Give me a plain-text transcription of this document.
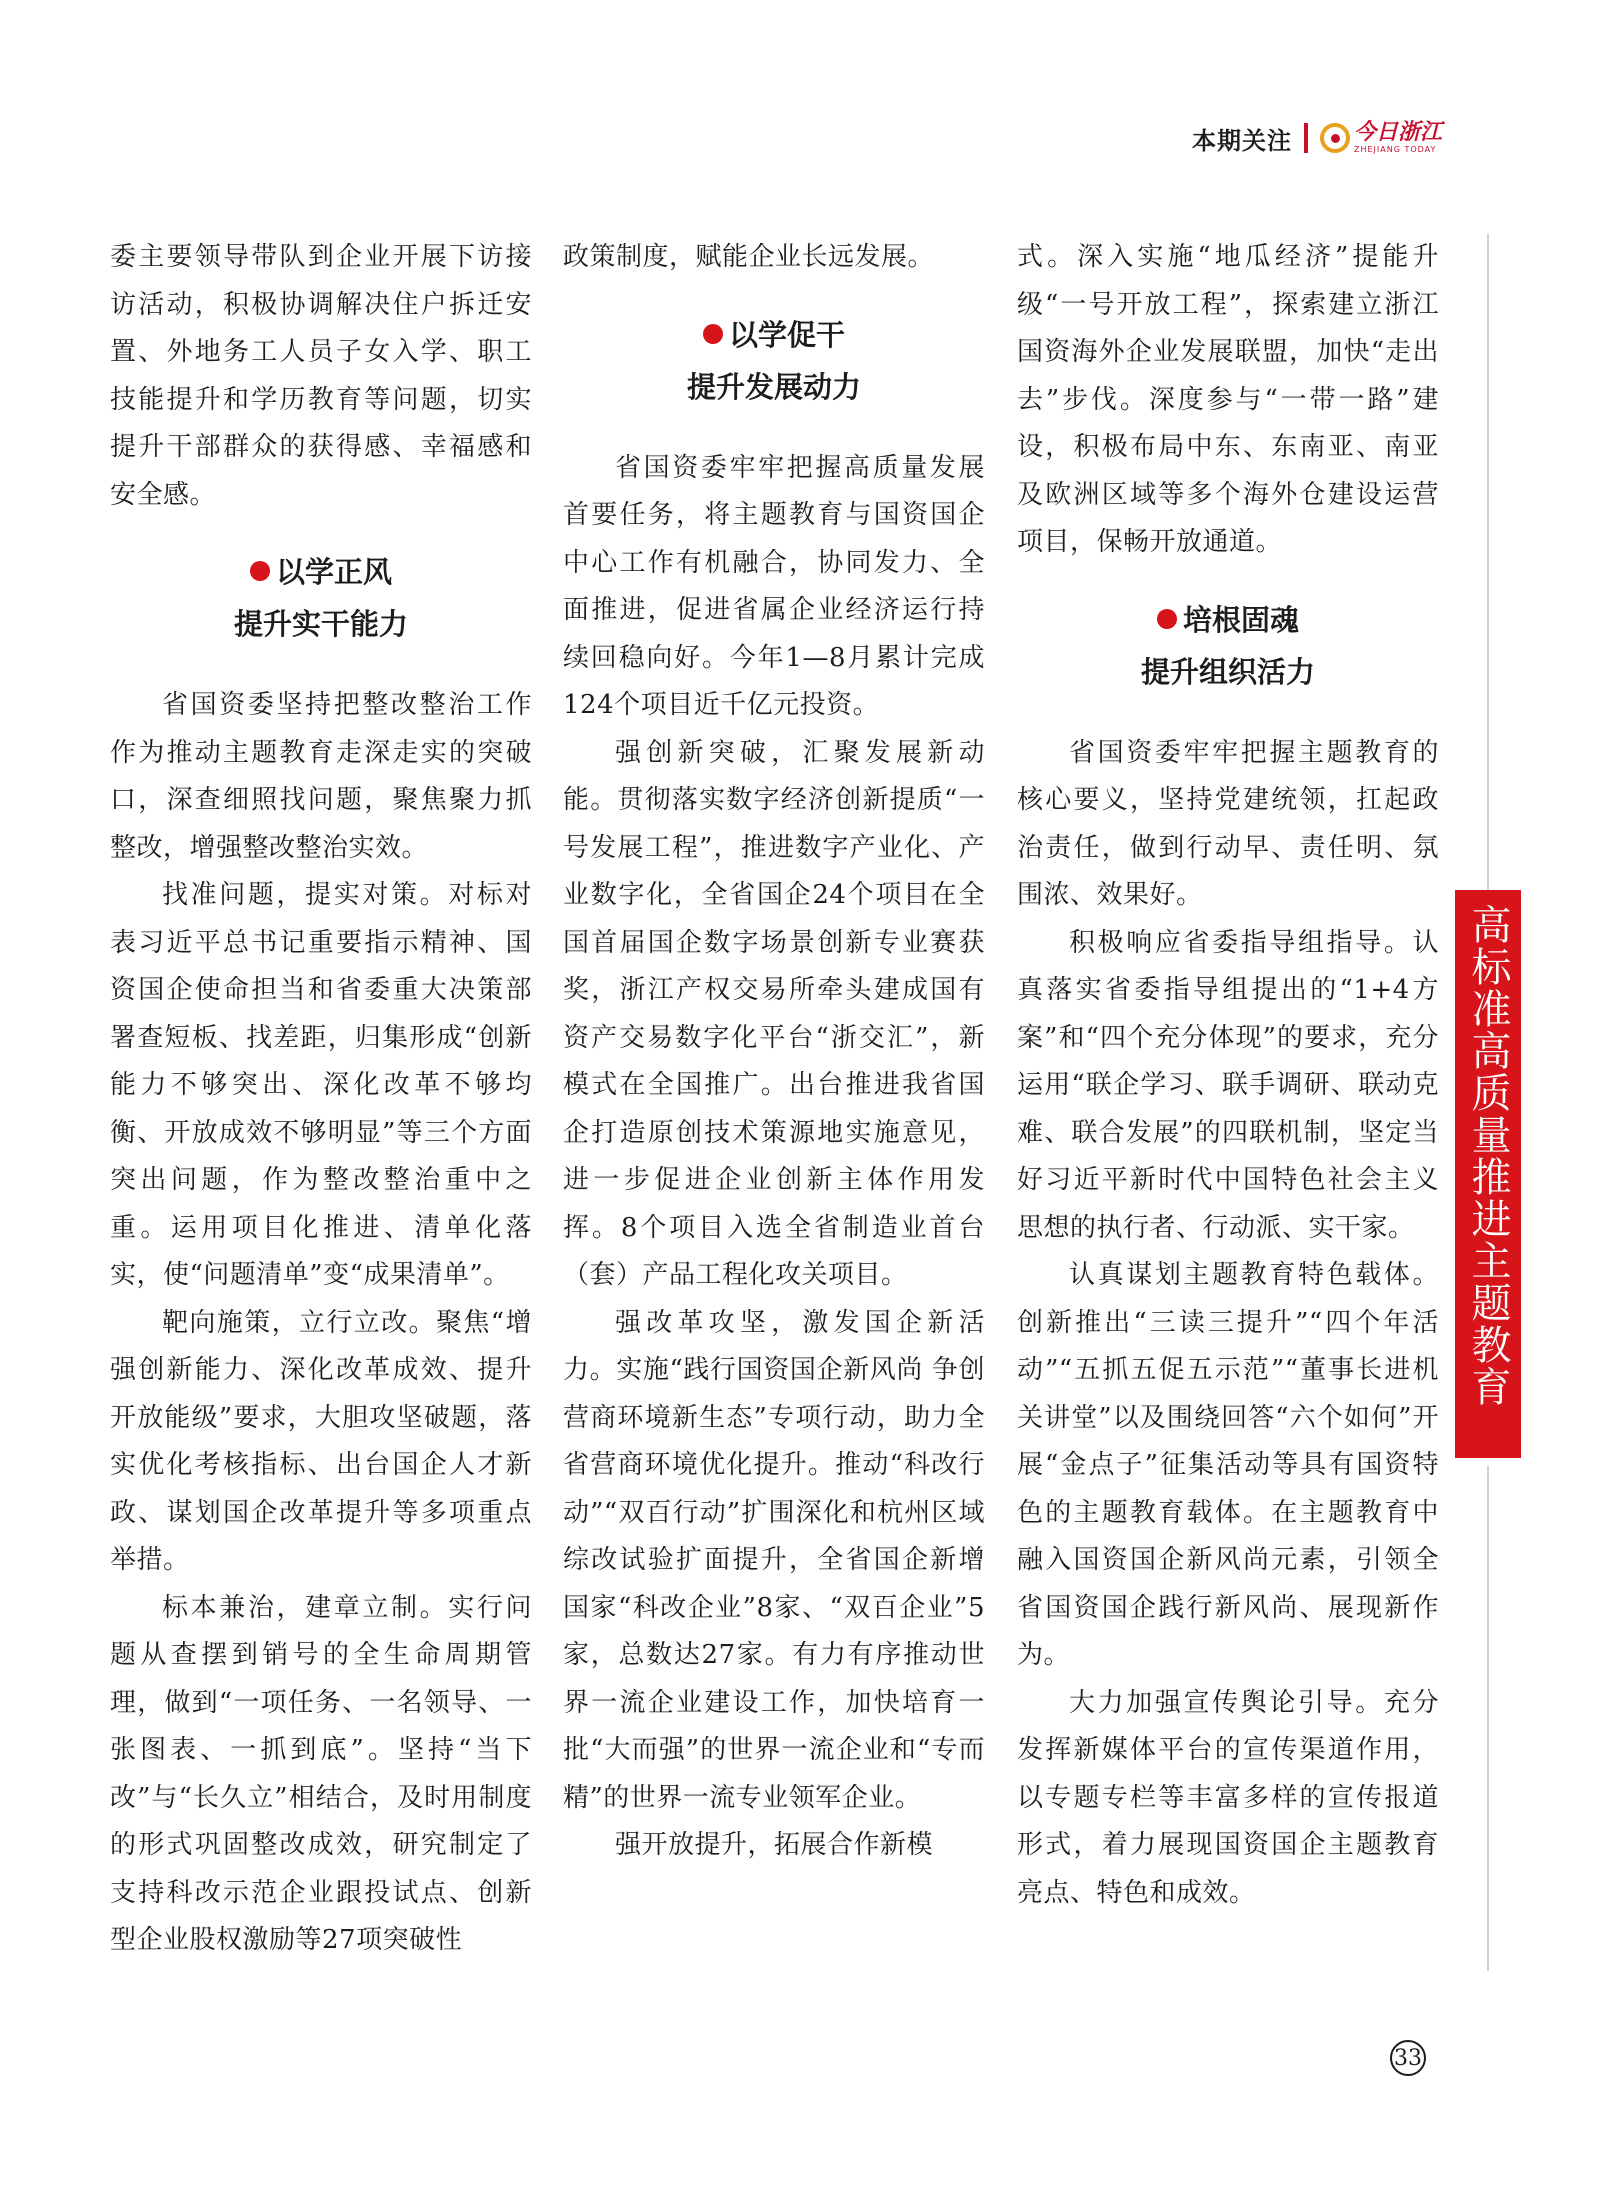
本期关注	今日浙江
ZHEJIANG TODAY

委主要领导带队到企业开展下访接访活动，积极协调解决住户拆迁安置、外地务工人员子女入学、职工技能提升和学历教育等问题，切实提升干部群众的获得感、幸福感和安全感。

以学正风

提升实干能力

省国资委坚持把整改整治工作作为推动主题教育走深走实的突破口，深查细照找问题，聚焦聚力抓整改，增强整改整治实效。

找准问题，提实对策。对标对表习近平总书记重要指示精神、国资国企使命担当和省委重大决策部署查短板、找差距，归集形成“创新能力不够突出、深化改革不够均衡、开放成效不够明显”等三个方面突出问题，作为整改整治重中之重。运用项目化推进、清单化落实，使“问题清单”变“成果清单”。

靶向施策，立行立改。聚焦“增强创新能力、深化改革成效、提升开放能级”要求，大胆攻坚破题，落实优化考核指标、出台国企人才新政、谋划国企改革提升等多项重点举措。

标本兼治，建章立制。实行问题从查摆到销号的全生命周期管理，做到“一项任务、一名领导、一张图表、一抓到底”。坚持“当下改”与“长久立”相结合，及时用制度的形式巩固整改成效，研究制定了支持科改示范企业跟投试点、创新型企业股权激励等27项突破性

政策制度，赋能企业长远发展。

以学促干

提升发展动力

省国资委牢牢把握高质量发展首要任务，将主题教育与国资国企中心工作有机融合，协同发力、全面推进，促进省属企业经济运行持续回稳向好。今年1—8月累计完成124个项目近千亿元投资。

强创新突破，汇聚发展新动能。贯彻落实数字经济创新提质“一号发展工程”，推进数字产业化、产业数字化，全省国企24个项目在全国首届国企数字场景创新专业赛获奖，浙江产权交易所牵头建成国有资产交易数字化平台“浙交汇”，新模式在全国推广。出台推进我省国企打造原创技术策源地实施意见，进一步促进企业创新主体作用发挥。8个项目入选全省制造业首台（套）产品工程化攻关项目。

强改革攻坚，激发国企新活力。实施“践行国资国企新风尚 争创营商环境新生态”专项行动，助力全省营商环境优化提升。推动“科改行动”“双百行动”扩围深化和杭州区域综改试验扩面提升，全省国企新增国家“科改企业”8家、“双百企业”5家，总数达27家。有力有序推动世界一流企业建设工作，加快培育一批“大而强”的世界一流企业和“专而精”的世界一流专业领军企业。

强开放提升，拓展合作新模

式。深入实施“地瓜经济”提能升级“一号开放工程”，探索建立浙江国资海外企业发展联盟，加快“走出去”步伐。深度参与“一带一路”建设，积极布局中东、东南亚、南亚及欧洲区域等多个海外仓建设运营项目，保畅开放通道。

培根固魂

提升组织活力

省国资委牢牢把握主题教育的核心要义，坚持党建统领，扛起政治责任，做到行动早、责任明、氛围浓、效果好。

积极响应省委指导组指导。认真落实省委指导组提出的“1+4方案”和“四个充分体现”的要求，充分运用“联企学习、联手调研、联动克难、联合发展”的四联机制，坚定当好习近平新时代中国特色社会主义思想的执行者、行动派、实干家。

认真谋划主题教育特色载体。创新推出“三读三提升”“四个年活动”“五抓五促五示范”“董事长进机关讲堂”以及围绕回答“六个如何”开展“金点子”征集活动等具有国资特色的主题教育载体。在主题教育中融入国资国企新风尚元素，引领全省国资国企践行新风尚、展现新作为。

大力加强宣传舆论引导。充分发挥新媒体平台的宣传渠道作用，以专题专栏等丰富多样的宣传报道形式，着力展现国资国企主题教育亮点、特色和成效。

高标准高质量推进主题教育
33
